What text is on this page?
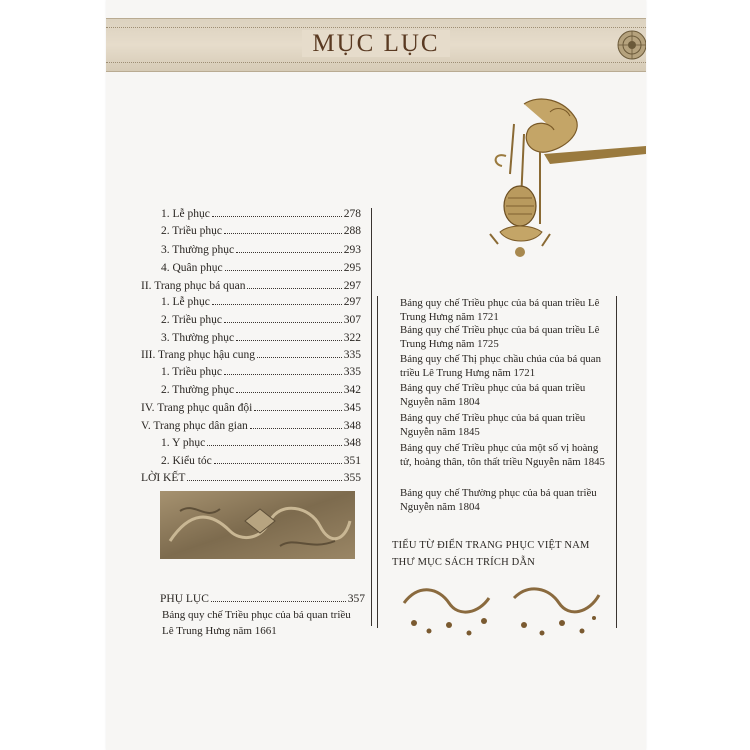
MỤC LỤC
1. Lễ phục	278
2. Triều phục	288
3. Thường phục	293
4. Quân phục	295
II. Trang phục bá quan	297
1. Lễ phục	297
2. Triều phục	307
3. Thường phục	322
III. Trang phục hậu cung	335
1. Triều phục	335
2. Thường phục	342
IV. Trang phục quân đội	345
V. Trang phục dân gian	348
1. Y phục	348
2. Kiểu tóc	351
LỜI KẾT	355
PHỤ LỤC	357
Bảng quy chế Triều phục của bá quan triều Lê Trung Hưng năm 1661
Bảng quy chế Triều phục của bá quan triều Lê Trung Hưng năm 1721
Bảng quy chế Triều phục của bá quan triều Lê Trung Hưng năm 1725
Bảng quy chế Thị phục chầu chúa của bá quan triều Lê Trung Hưng năm 1721
Bảng quy chế Triều phục của bá quan triều Nguyễn năm 1804
Bảng quy chế Triều phục của bá quan triều Nguyễn năm 1845
Bảng quy chế Triều phục của một số vị hoàng tử, hoàng thân, tôn thất triều Nguyễn năm 1845
Bảng quy chế Thường phục của bá quan triều Nguyễn năm 1804
TIỂU TỪ ĐIỂN TRANG PHỤC VIỆT NAM
THƯ MỤC SÁCH TRÍCH DẪN
